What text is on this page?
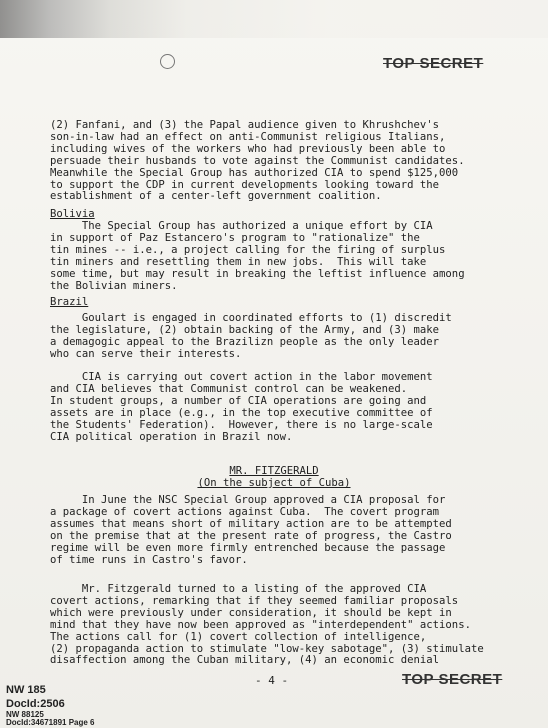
TOP SECRET

(2) Fanfani, and (3) the Papal audience given to Khrushchev's
son-in-law had an effect on anti-Communist religious Italians,
including wives of the workers who had previously been able to
persuade their husbands to vote against the Communist candidates.
Meanwhile the Special Group has authorized CIA to spend $125,000
to support the CDP in current developments looking toward the
establishment of a center-left government coalition.

Bolivia

The Special Group has authorized a unique effort by CIA
in support of Paz Estancero's program to "rationalize" the
tin mines -- i.e., a project calling for the firing of surplus
tin miners and resettling them in new jobs.  This will take
some time, but may result in breaking the leftist influence among
the Bolivian miners.

Brazil

Goulart is engaged in coordinated efforts to (1) discredit
the legislature, (2) obtain backing of the Army, and (3) make
a demagogic appeal to the Brazilizn people as the only leader
who can serve their interests.

CIA is carrying out covert action in the labor movement
and CIA believes that Communist control can be weakened.
In student groups, a number of CIA operations are going and
assets are in place (e.g., in the top executive committee of
the Students' Federation).  However, there is no large-scale
CIA political operation in Brazil now.

MR. FITZGERALD

(On the subject of Cuba)

In June the NSC Special Group approved a CIA proposal for
a package of covert actions against Cuba.  The covert program
assumes that means short of military action are to be attempted
on the premise that at the present rate of progress, the Castro
regime will be even more firmly entrenched because the passage
of time runs in Castro's favor.

Mr. Fitzgerald turned to a listing of the approved CIA
covert actions, remarking that if they seemed familiar proposals
which were previously under consideration, it should be kept in
mind that they have now been approved as "interdependent" actions.
The actions call for (1) covert collection of intelligence,
(2) propaganda action to stimulate "low-key sabotage", (3) stimulate
disaffection among the Cuban military, (4) an economic denial

- 4 -	TOP SECRET
NW 185
DocId:2506
NW 88125
DocId:34671891 Page 6
